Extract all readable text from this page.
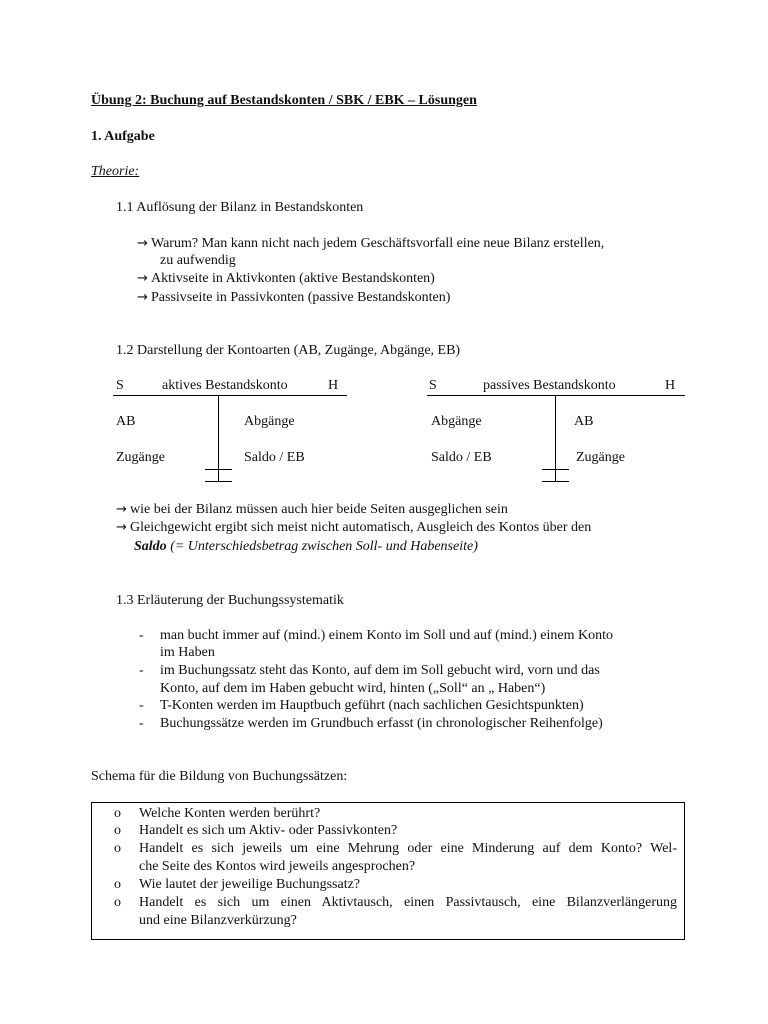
Übung 2: Buchung auf Bestandskonten / SBK / EBK – Lösungen
1. Aufgabe
Theorie:
1.1 Auflösung der Bilanz in Bestandskonten
→ Warum? Man kann nicht nach jedem Geschäftsvorfall eine neue Bilanz erstellen,
zu aufwendig
→ Aktivseite in Aktivkonten (aktive Bestandskonten)
→ Passivseite in Passivkonten (passive Bestandskonten)
1.2 Darstellung der Kontoarten (AB, Zugänge, Abgänge, EB)
S	aktives Bestandskonto	H
AB	Abgänge
Zugänge	Saldo / EB
S	passives Bestandskonto	H
Abgänge	AB
Saldo / EB	Zugänge
→ wie bei der Bilanz müssen auch hier beide Seiten ausgeglichen sein
→ Gleichgewicht ergibt sich meist nicht automatisch, Ausgleich des Kontos über den
Saldo (= Unterschiedsbetrag zwischen Soll- und Habenseite)
1.3 Erläuterung der Buchungssystematik
- man bucht immer auf (mind.) einem Konto im Soll und auf (mind.) einem Konto
im Haben
- im Buchungssatz steht das Konto, auf dem im Soll gebucht wird, vorn und das
Konto, auf dem im Haben gebucht wird, hinten („Soll“ an „ Haben“)
- T-Konten werden im Hauptbuch geführt (nach sachlichen Gesichtspunkten)
- Buchungssätze werden im Grundbuch erfasst (in chronologischer Reihenfolge)
Schema für die Bildung von Buchungssätzen:
o Welche Konten werden berührt?
o Handelt es sich um Aktiv- oder Passivkonten?
o Handelt es sich jeweils um eine Mehrung oder eine Minderung auf dem Konto? Wel-
che Seite des Kontos wird jeweils angesprochen?
o Wie lautet der jeweilige Buchungssatz?
o Handelt es sich um einen Aktivtausch, einen Passivtausch, eine Bilanzverlängerung
und eine Bilanzverkürzung?
